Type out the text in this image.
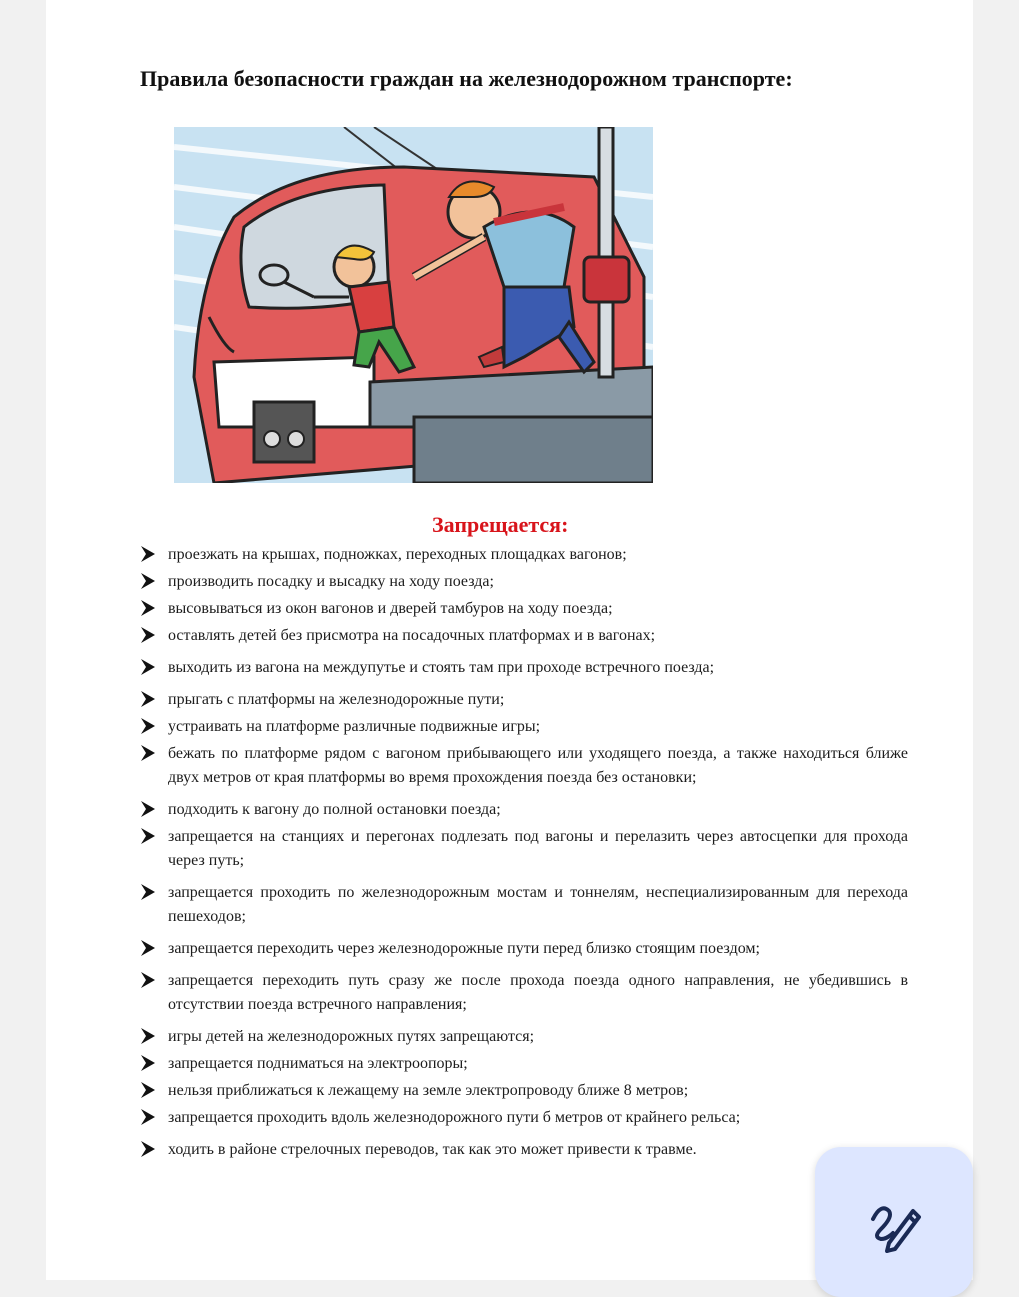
Правила безопасности граждан на железнодорожном транспорте:
Запрещается:
проезжать на крышах, подножках, переходных площадках вагонов;
производить посадку и высадку на ходу поезда;
высовываться из окон вагонов и дверей тамбуров на ходу поезда;
оставлять детей без присмотра на посадочных платформах и в вагонах;
выходить из вагона на междупутье и стоять там при проходе встречного поезда;
прыгать с платформы на железнодорожные пути;
устраивать на платформе различные подвижные игры;
бежать по платформе рядом с вагоном прибывающего или уходящего поезда, а также находиться ближе двух метров от края платформы во время прохождения поезда без остановки;
подходить к вагону до полной остановки поезда;
запрещается на станциях и перегонах подлезать под вагоны и перелазить через автосцепки для прохода через путь;
запрещается проходить по железнодорожным мостам и тоннелям, неспециализированным для перехода пешеходов;
запрещается переходить через железнодорожные пути перед близко стоящим поездом;
запрещается переходить путь сразу же после прохода поезда одного направления, не убедившись в отсутствии поезда встречного направления;
игры детей на железнодорожных путях запрещаются;
запрещается подниматься на электроопоры;
нельзя приближаться к лежащему на земле электропроводу ближе 8 метров;
запрещается проходить вдоль железнодорожного пути б метров от крайнего рельса;
ходить в районе стрелочных переводов, так как это может привести к травме.
